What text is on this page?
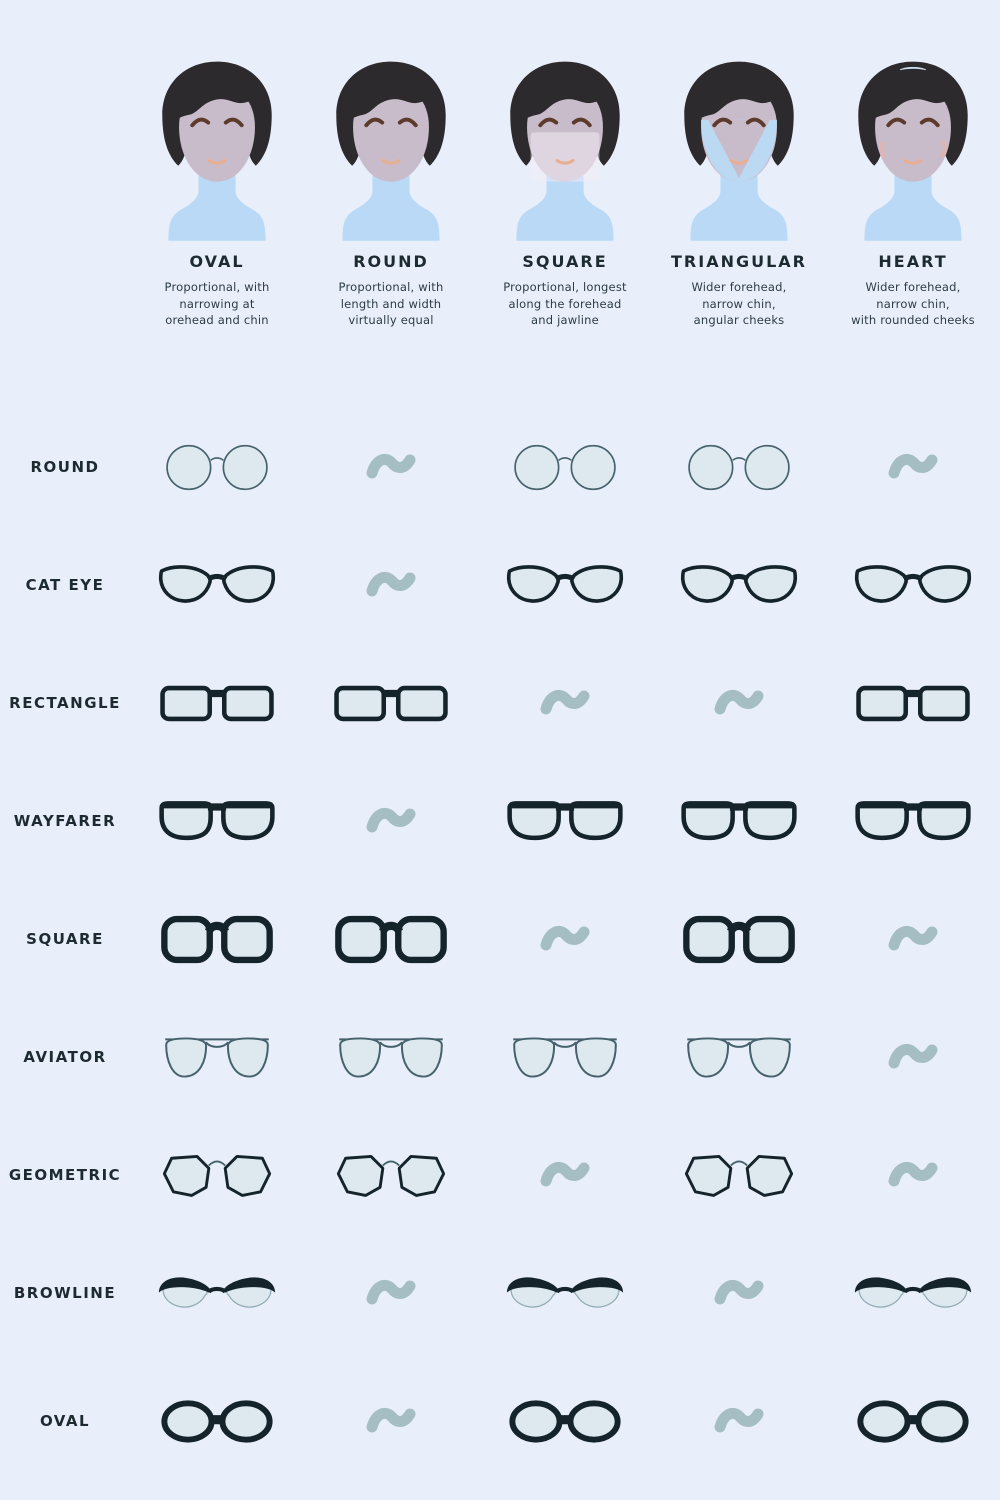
OVAL
Proportional, with
narrowing at
orehead and chin
ROUND
Proportional, with
length and width
virtually equal
SQUARE
Proportional, longest
along the forehead
and jawline
TRIANGULAR
Wider forehead,
narrow chin,
angular cheeks
HEART
Wider forehead,
narrow chin,
with rounded cheeks
ROUND
CAT EYE
RECTANGLE
WAYFARER
SQUARE
AVIATOR
GEOMETRIC
BROWLINE
OVAL
